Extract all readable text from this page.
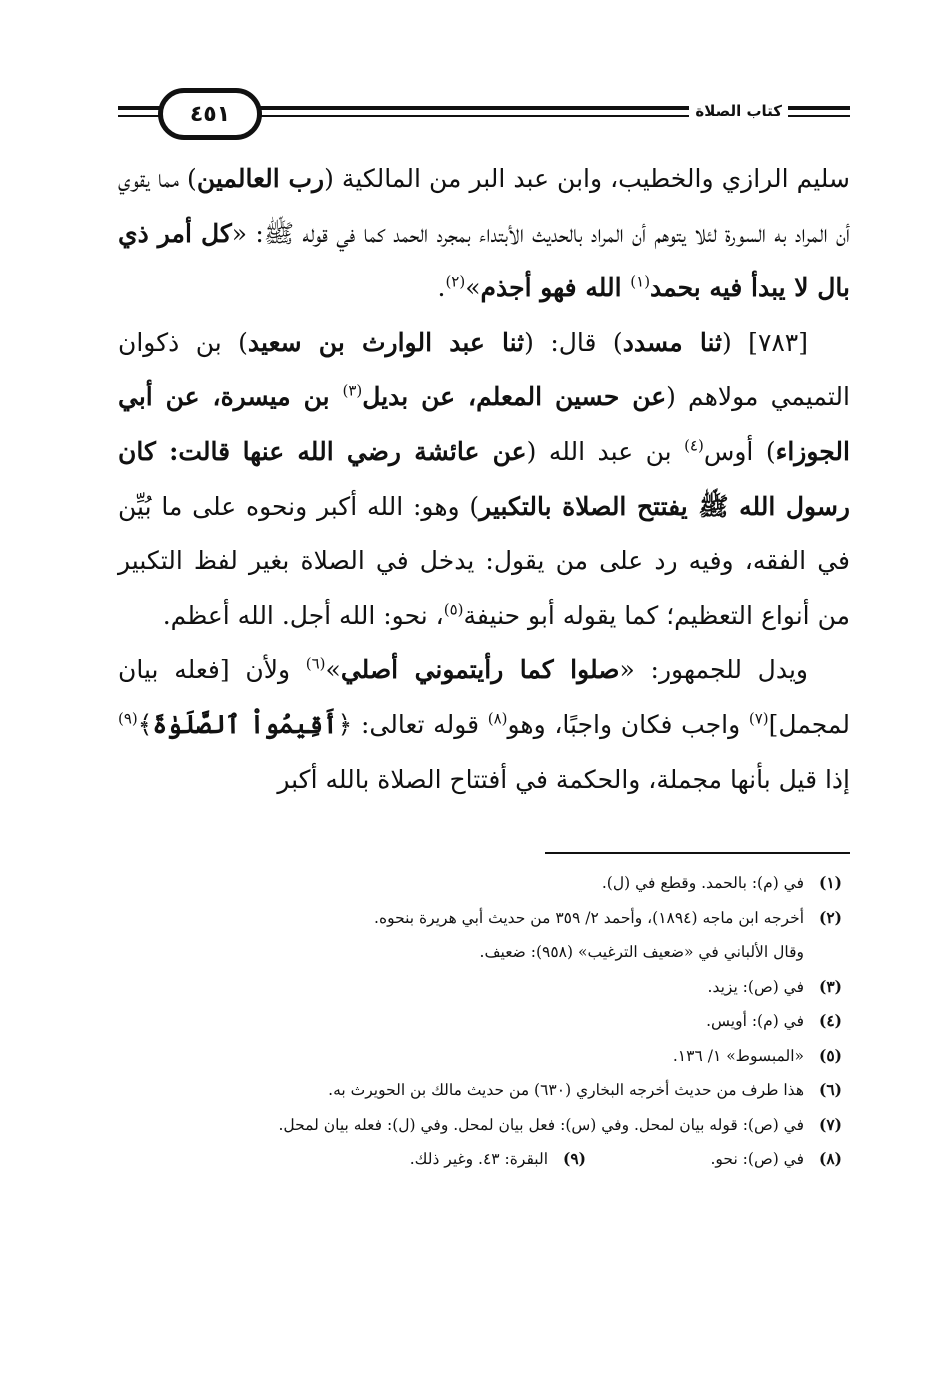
٤٥١	كتاب الصلاة

سليم الرازي والخطيب، وابن عبد البر من المالكية (رب العالمين) مما يقوي أن المراد به السورة لئلا يتوهم أن المراد بالحديث الأبتداء بمجرد الحمد كما في قوله ﷺ: «كل أمر ذي بال لا يبدأ فيه بحمد$^{(١)}$ الله فهو أجذم»$^{(٢)}$.

[٧٨٣] (ثنا مسدد) قال: (ثنا عبد الوارث بن سعيد) بن ذكوان التميمي مولاهم (عن حسين المعلم، عن بديل$^{(٣)}$ بن ميسرة، عن أبي الجوزاء) أوس$^{(٤)}$ بن عبد الله (عن عائشة رضي الله عنها قالت: كان رسول الله ﷺ يفتتح الصلاة بالتكبير) وهو: الله أكبر ونحوه على ما بُيِّن في الفقه، وفيه رد على من يقول: يدخل في الصلاة بغير لفظ التكبير من أنواع التعظيم؛ كما يقوله أبو حنيفة$^{(٥)}$، نحو: الله أجل. الله أعظم.

ويدل للجمهور: «صلوا كما رأيتموني أصلي»$^{(٦)}$ ولأن [فعله بيان لمجمل]$^{(٧)}$ واجب فكان واجبًا، وهو$^{(٨)}$ قوله تعالى: ﴿أَقِيمُواْ ٱلصَّلَوٰةَ﴾$^{(٩)}$ إذا قيل بأنها مجملة، والحكمة في أفتتاح الصلاة بالله أكبر

(١)
في (م): بالحمد. وقطع في (ل).
(٢)
أخرجه ابن ماجه (١٨٩٤)، وأحمد ٢/ ٣٥٩ من حديث أبي هريرة بنحوه.
وقال الألباني في «ضعيف الترغيب» (٩٥٨): ضعيف.
(٣)
في (ص): يزيد.
(٤)
في (م): أويس.
(٥)
«المبسوط» ١/ ١٣٦.
(٦)
هذا طرف من حديث أخرجه البخاري (٦٣٠) من حديث مالك بن الحويرث به.
(٧)
في (ص): قوله بيان لمحل. وفي (س): فعل بيان لمحل. وفي (ل): فعله بيان لمحل.
(٨)
في (ص): نحو.
(٩)
البقرة: ٤٣. وغير ذلك.
